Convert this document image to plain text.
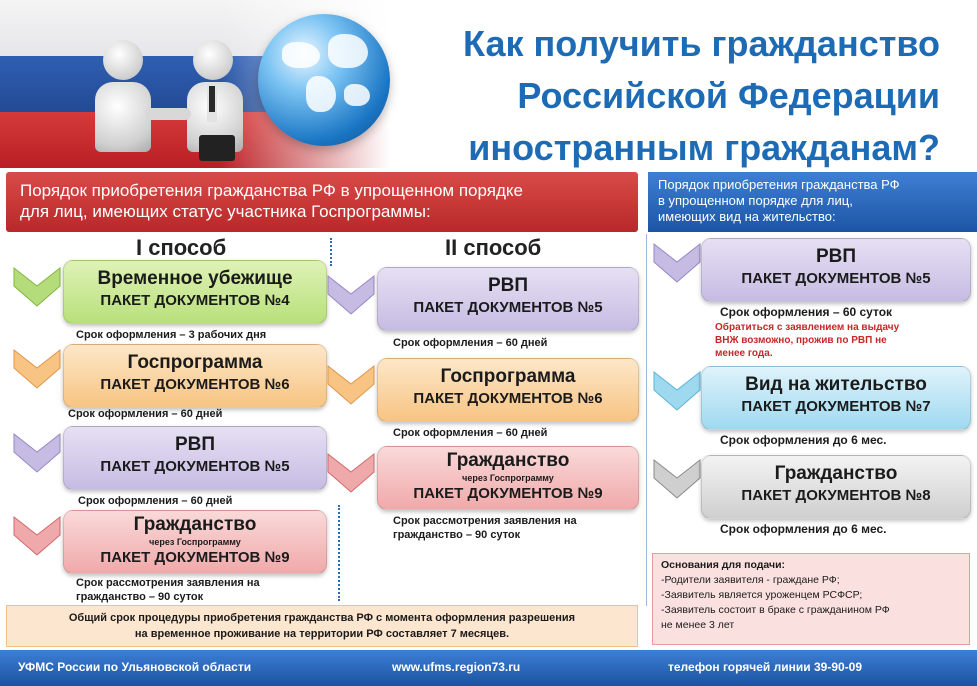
Как получить гражданство
Российской Федерации
иностранным гражданам?
Порядок приобретения гражданства РФ в упрощенном порядке
для лиц, имеющих статус участника Госпрограммы:
Порядок приобретения гражданства РФ
в упрощенном порядке для лиц,
имеющих вид на жительство:
I способ
Временное убежище
ПАКЕТ ДОКУМЕНТОВ №4
Срок оформления – 3 рабочих дня
Госпрограмма
ПАКЕТ ДОКУМЕНТОВ №6
Срок оформления – 60 дней
РВП
ПАКЕТ ДОКУМЕНТОВ №5
Срок оформления – 60 дней
Гражданство
через Госпрограмму
ПАКЕТ ДОКУМЕНТОВ №9
Срок рассмотрения заявления на
гражданство – 90 суток
II способ
РВП
ПАКЕТ ДОКУМЕНТОВ №5
Срок оформления – 60 дней
Госпрограмма
ПАКЕТ ДОКУМЕНТОВ №6
Срок оформления – 60 дней
Гражданство
через Госпрограмму
ПАКЕТ ДОКУМЕНТОВ №9
Срок рассмотрения заявления на
гражданство – 90 суток
РВП
ПАКЕТ ДОКУМЕНТОВ №5
Срок оформления – 60 суток
Обратиться с заявлением на выдачу
ВНЖ возможно, прожив по РВП не
менее года.
Вид на жительство
ПАКЕТ ДОКУМЕНТОВ №7
Срок оформления до 6 мес.
Гражданство
ПАКЕТ ДОКУМЕНТОВ №8
Срок оформления до 6 мес.
Общий срок процедуры приобретения гражданства РФ с момента оформления разрешения
на временное проживание на территории РФ составляет 7 месяцев.
Основания для подачи:
-Родители заявителя - граждане РФ;
-Заявитель является уроженцем РСФСР;
-Заявитель состоит в браке с гражданином РФ
не менее 3 лет
УФМС России по Ульяновской области	www.ufms.region73.ru	телефон горячей линии 39-90-09
